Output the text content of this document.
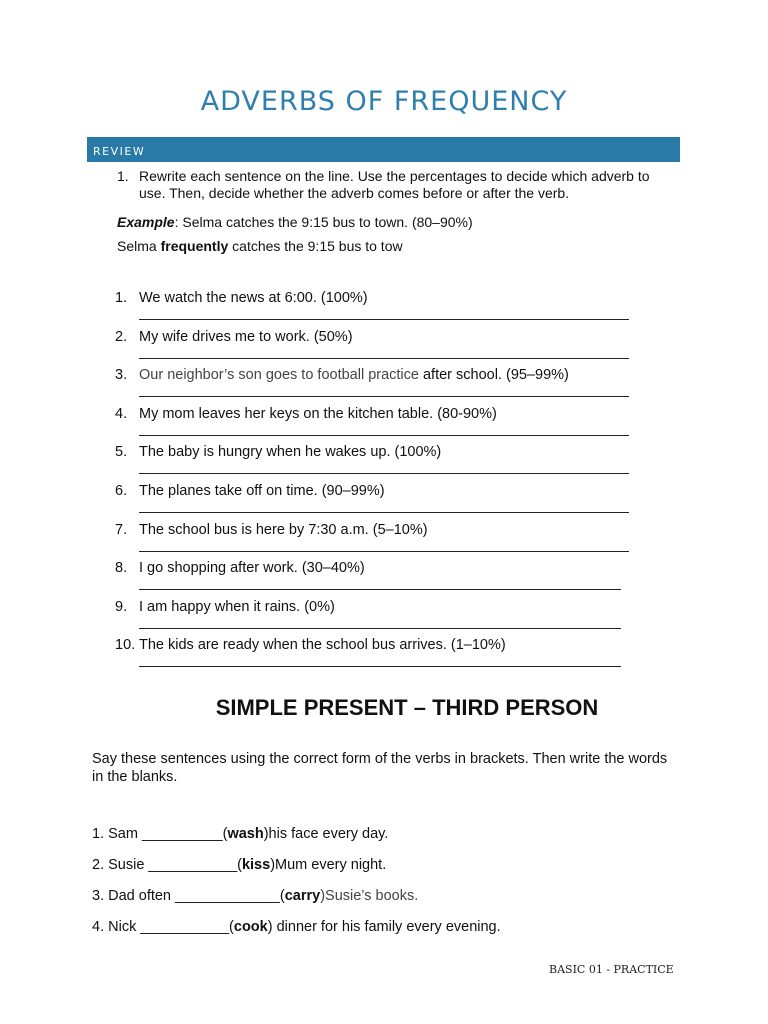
ADVERBS OF FREQUENCY
REVIEW
1. Rewrite each sentence on the line. Use the percentages to decide which adverb to use. Then, decide whether the adverb comes before or after the verb.
Example: Selma catches the 9:15 bus to town. (80–90%)
Selma frequently catches the 9:15 bus to tow
1. We watch the news at 6:00. (100%)
2. My wife drives me to work. (50%)
3. Our neighbor’s son goes to football practice after school. (95–99%)
4. My mom leaves her keys on the kitchen table. (80-90%)
5. The baby is hungry when he wakes up. (100%)
6. The planes take off on time. (90–99%)
7. The school bus is here by 7:30 a.m. (5–10%)
8. I go shopping after work. (30–40%)
9. I am happy when it rains. (0%)
10. The kids are ready when the school bus arrives. (1–10%)
SIMPLE PRESENT – THIRD PERSON
Say these sentences using the correct form of the verbs in brackets. Then write the words in the blanks.
1. Sam __________(wash)his face every day.
2. Susie ___________(kiss)Mum every night.
3. Dad often _____________(carry)Susie’s books.
4. Nick ___________(cook) dinner for his family every evening.
BASIC 01 - PRACTICE
